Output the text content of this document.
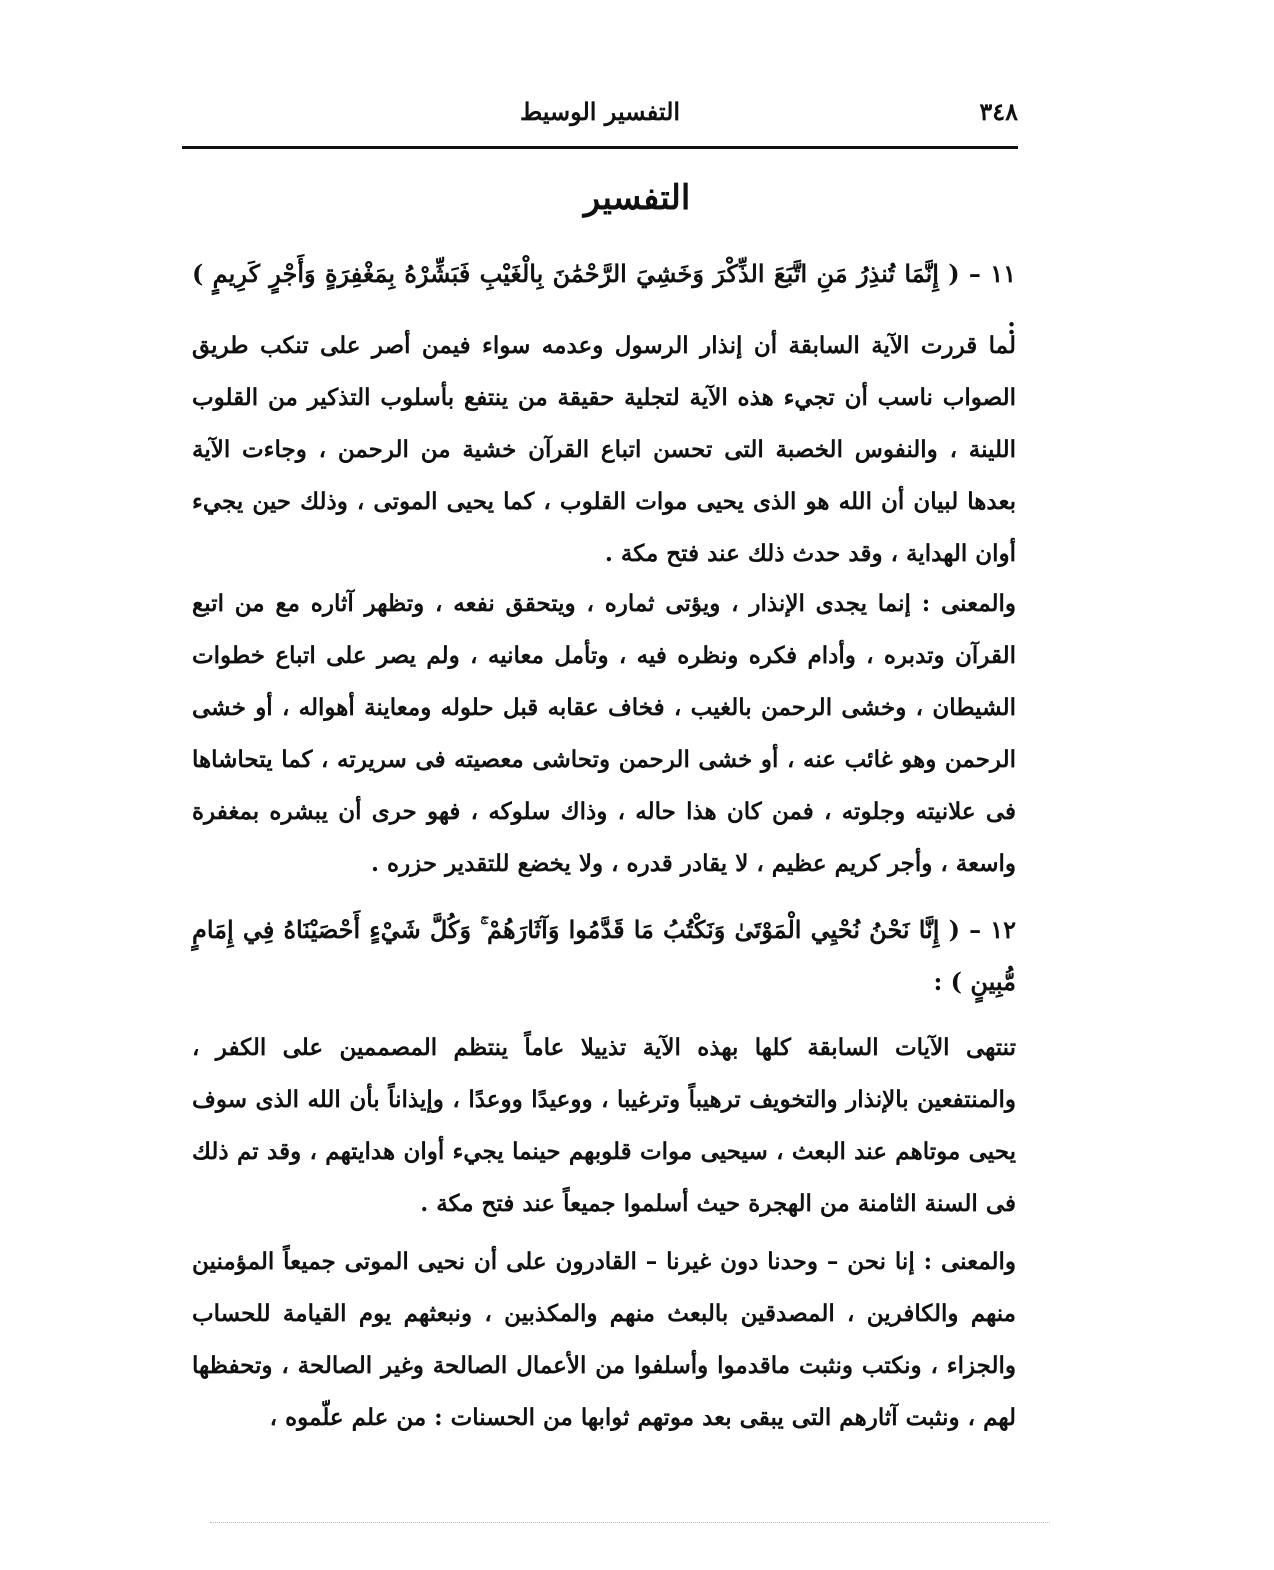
٣٤٨
التفسير الوسيط
التفسير
١١ – ( إِنَّمَا تُنذِرُ مَنِ اتَّبَعَ الذِّكْرَ وَخَشِيَ الرَّحْمَٰنَ بِالْغَيْبِ فَبَشِّرْهُ بِمَغْفِرَةٍ وَأَجْرٍ كَرِيمٍ ) :
لما قررت الآية السابقة أن إنذار الرسول وعدمه سواء فيمن أصر على تنكب طريق الصواب ناسب أن تجيء هذه الآية لتجلية حقيقة من ينتفع بأسلوب التذكير من القلوب اللينة ، والنفوس الخصبة التى تحسن اتباع القرآن خشية من الرحمن ، وجاءت الآية بعدها لبيان أن الله هو الذى يحيى موات القلوب ، كما يحيى الموتى ، وذلك حين يجيء أوان الهداية ، وقد حدث ذلك عند فتح مكة .
والمعنى : إنما يجدى الإنذار ، ويؤتى ثماره ، ويتحقق نفعه ، وتظهر آثاره مع من اتبع القرآن وتدبره ، وأدام فكره ونظره فيه ، وتأمل معانيه ، ولم يصر على اتباع خطوات الشيطان ، وخشى الرحمن بالغيب ، فخاف عقابه قبل حلوله ومعاينة أهواله ، أو خشى الرحمن وهو غائب عنه ، أو خشى الرحمن وتحاشى معصيته فى سريرته ، كما يتحاشاها فى علانيته وجلوته ، فمن كان هذا حاله ، وذاك سلوكه ، فهو حرى أن يبشره بمغفرة واسعة ، وأجر كريم عظيم ، لا يقادر قدره ، ولا يخضع للتقدير حزره .
١٢ – ( إِنَّا نَحْنُ نُحْيِي الْمَوْتَىٰ وَنَكْتُبُ مَا قَدَّمُوا وَآثَارَهُمْ ۚ وَكُلَّ شَيْءٍ أَحْصَيْنَاهُ فِي إِمَامٍ مُّبِينٍ ) :
تنتهى الآيات السابقة كلها بهذه الآية تذييلا عاماً ينتظم المصممين على الكفر ، والمنتفعين بالإنذار والتخويف ترهيباً وترغيبا ، ووعيدًا ووعدًا ، وإيذاناً بأن الله الذى سوف يحيى موتاهم عند البعث ، سيحيى موات قلوبهم حينما يجيء أوان هدايتهم ، وقد تم ذلك فى السنة الثامنة من الهجرة حيث أسلموا جميعاً عند فتح مكة .
والمعنى : إنا نحن – وحدنا دون غيرنا – القادرون على أن نحيى الموتى جميعاً المؤمنين منهم والكافرين ، المصدقين بالبعث منهم والمكذبين ، ونبعثهم يوم القيامة للحساب والجزاء ، ونكتب ونثبت ماقدموا وأسلفوا من الأعمال الصالحة وغير الصالحة ، وتحفظها لهم ، ونثبت آثارهم التى يبقى بعد موتهم ثوابها من الحسنات : من علم علّموه ،
